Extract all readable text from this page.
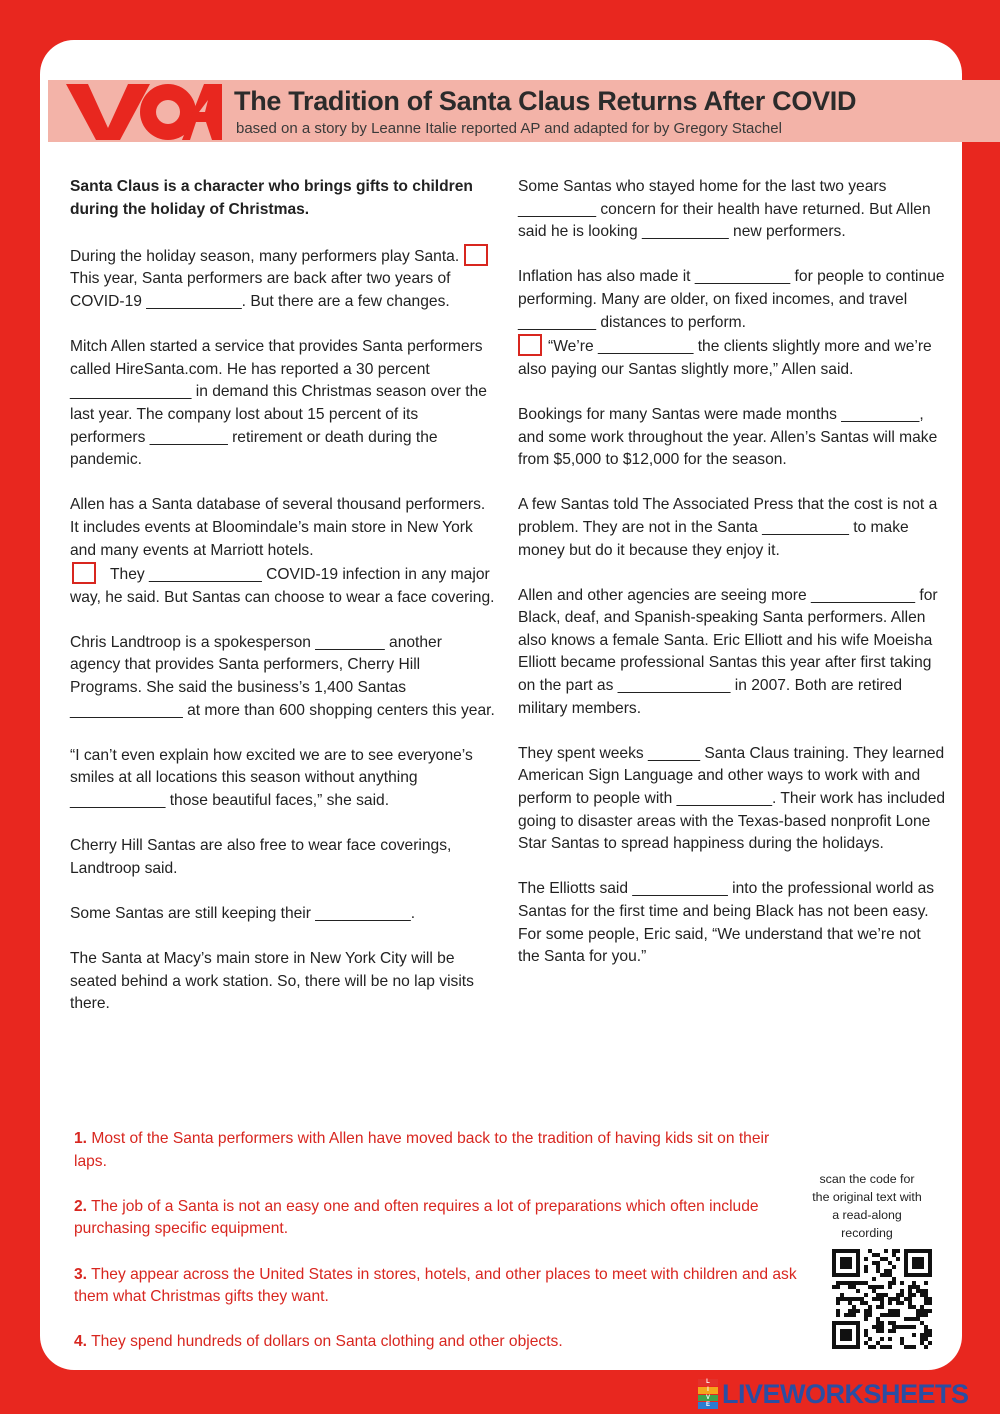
The Tradition of Santa Claus Returns After COVID
based on a story by Leanne Italie reported AP and adapted for by Gregory Stachel

Santa Claus is a character who brings gifts to children during the holiday of Christmas.

During the holiday season, many performers play Santa. This year, Santa performers are back after two years of COVID-19 ___________. But there are a few changes.

Mitch Allen started a service that provides Santa performers called HireSanta.com. He has reported a 30 percent ______________ in demand this Christmas season over the last year. The company lost about 15 percent of its performers _________ retirement or death during the pandemic.

Allen has a Santa database of several thousand performers. It includes events at Bloomindale’s main store in New York and many events at Marriott hotels.
They _____________ COVID-19 infection in any major way, he said. But Santas can choose to wear a face covering.

Chris Landtroop is a spokesperson ________ another agency that provides Santa performers, Cherry Hill Programs. She said the business’s 1,400 Santas _____________ at more than 600 shopping centers this year.

“I can’t even explain how excited we are to see everyone’s smiles at all locations this season without anything ___________ those beautiful faces,” she said.

Cherry Hill Santas are also free to wear face coverings, Landtroop said.

Some Santas are still keeping their ___________.

The Santa at Macy’s main store in New York City will be seated behind a work station. So, there will be no lap visits there.

Some Santas who stayed home for the last two years _________ concern for their health have returned. But Allen said he is looking __________ new performers.

Inflation has also made it ___________ for people to continue performing. Many are older, on fixed incomes, and travel _________ distances to perform.
“We’re ___________ the clients slightly more and we’re also paying our Santas slightly more,” Allen said.

Bookings for many Santas were made months _________, and some work throughout the year. Allen’s Santas will make from $5,000 to $12,000 for the season.

A few Santas told The Associated Press that the cost is not a problem. They are not in the Santa __________ to make money but do it because they enjoy it.

Allen and other agencies are seeing more ____________ for Black, deaf, and Spanish-speaking Santa performers. Allen also knows a female Santa. Eric Elliott and his wife Moeisha Elliott became professional Santas this year after first taking on the part as _____________ in 2007. Both are retired military members.

They spent weeks ______ Santa Claus training. They learned American Sign Language and other ways to work with and perform to people with ___________. Their work has included going to disaster areas with the Texas-based nonprofit Lone Star Santas to spread happiness during the holidays.

The Elliotts said ___________ into the professional world as Santas for the first time and being Black has not been easy. For some people, Eric said, “We understand that we’re not the Santa for you.”

1. Most of the Santa performers with Allen have moved back to the tradition of having kids sit on their laps.

2. The job of a Santa is not an easy one and often requires a lot of preparations which often include purchasing specific equipment.

3. They appear across the United States in stores, hotels, and other places to meet with children and ask them what Christmas gifts they want.

4. They spend hundreds of dollars on Santa clothing and other objects.

scan the code for the original text with a read-along recording
L
I
V
E LIVEWORKSHEETS
